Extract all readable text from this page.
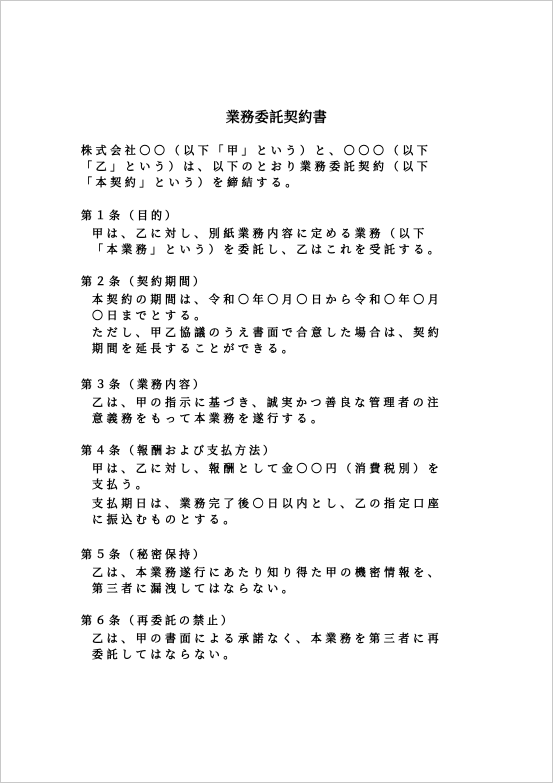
業務委託契約書
株式会社〇〇（以下「甲」という）と、〇〇〇（以下
「乙」という）は、以下のとおり業務委託契約（以下
「本契約」という）を締結する。
第１条（目的）
甲は、乙に対し、別紙業務内容に定める業務（以下
「本業務」という）を委託し、乙はこれを受託する。
第２条（契約期間）
本契約の期間は、令和〇年〇月〇日から令和〇年〇月
〇日までとする。
ただし、甲乙協議のうえ書面で合意した場合は、契約
期間を延長することができる。
第３条（業務内容）
乙は、甲の指示に基づき、誠実かつ善良な管理者の注
意義務をもって本業務を遂行する。
第４条（報酬および支払方法）
甲は、乙に対し、報酬として金〇〇円（消費税別）を
支払う。
支払期日は、業務完了後〇日以内とし、乙の指定口座
に振込むものとする。
第５条（秘密保持）
乙は、本業務遂行にあたり知り得た甲の機密情報を、
第三者に漏洩してはならない。
第６条（再委託の禁止）
乙は、甲の書面による承諾なく、本業務を第三者に再
委託してはならない。
